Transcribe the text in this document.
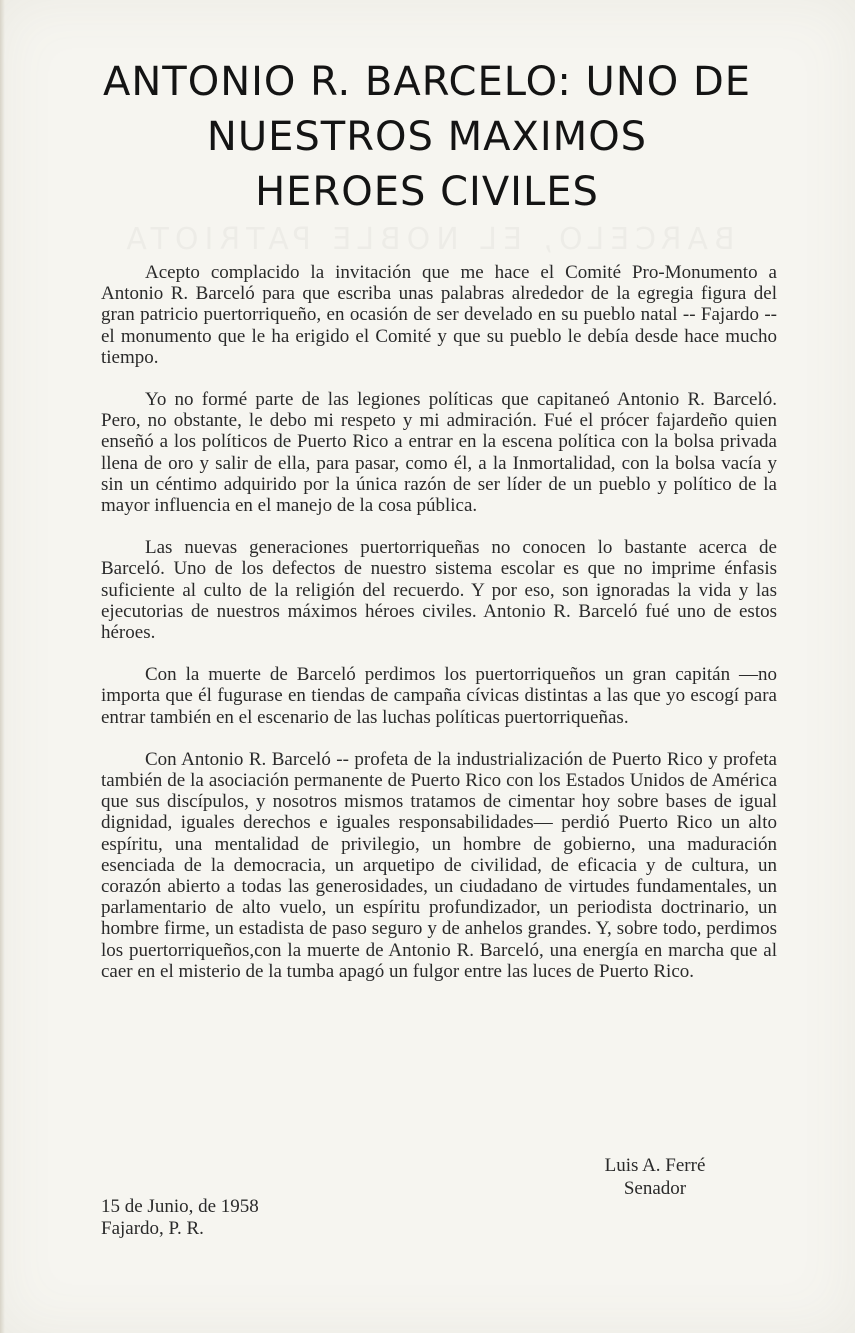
ANTONIO R. BARCELO: UNO DE
NUESTROS MAXIMOS
HEROES CIVILES

Acepto complacido la invitación que me hace el Comité Pro-Monumento a Antonio R. Barceló para que escriba unas palabras alrededor de la egregia figura del gran patricio puertorriqueño, en ocasión de ser develado en su pueblo natal -- Fajardo -- el monumento que le ha erigido el Comité y que su pueblo le debía desde hace mucho tiempo.

Yo no formé parte de las legiones políticas que capitaneó Antonio R. Barceló. Pero, no obstante, le debo mi respeto y mi admiración. Fué el prócer fajardeño quien enseñó a los políticos de Puerto Rico a entrar en la escena política con la bolsa privada llena de oro y salir de ella, para pasar, como él, a la Inmortalidad, con la bolsa vacía y sin un céntimo adquirido por la única razón de ser líder de un pueblo y político de la mayor influencia en el manejo de la cosa pública.

Las nuevas generaciones puertorriqueñas no conocen lo bastante acerca de Barceló. Uno de los defectos de nuestro sistema escolar es que no imprime énfasis suficiente al culto de la religión del recuerdo. Y por eso, son ignoradas la vida y las ejecutorias de nuestros máximos héroes civiles. Antonio R. Barceló fué uno de estos héroes.

Con la muerte de Barceló perdimos los puertorriqueños un gran capitán —no importa que él fugurase en tiendas de campaña cívicas distintas a las que yo escogí para entrar también en el escenario de las luchas políticas puertorriqueñas.

Con Antonio R. Barceló -- profeta de la industrialización de Puerto Rico y profeta también de la asociación permanente de Puerto Rico con los Estados Unidos de América que sus discípulos, y nosotros mismos tratamos de cimentar hoy sobre bases de igual dignidad, iguales derechos e iguales responsabilidades— perdió Puerto Rico un alto espíritu, una mentalidad de privilegio, un hombre de gobierno, una maduración esenciada de la democracia, un arquetipo de civilidad, de eficacia y de cultura, un corazón abierto a todas las generosidades, un ciudadano de virtudes fundamentales, un parlamentario de alto vuelo, un espíritu profundizador, un periodista doctrinario, un hombre firme, un estadista de paso seguro y de anhelos grandes. Y, sobre todo, perdimos los puertorriqueños,con la muerte de Antonio R. Barceló, una energía en marcha que al caer en el misterio de la tumba apagó un fulgor entre las luces de Puerto Rico.

Luis A. Ferré
Senador
15 de Junio, de 1958
Fajardo, P. R.
